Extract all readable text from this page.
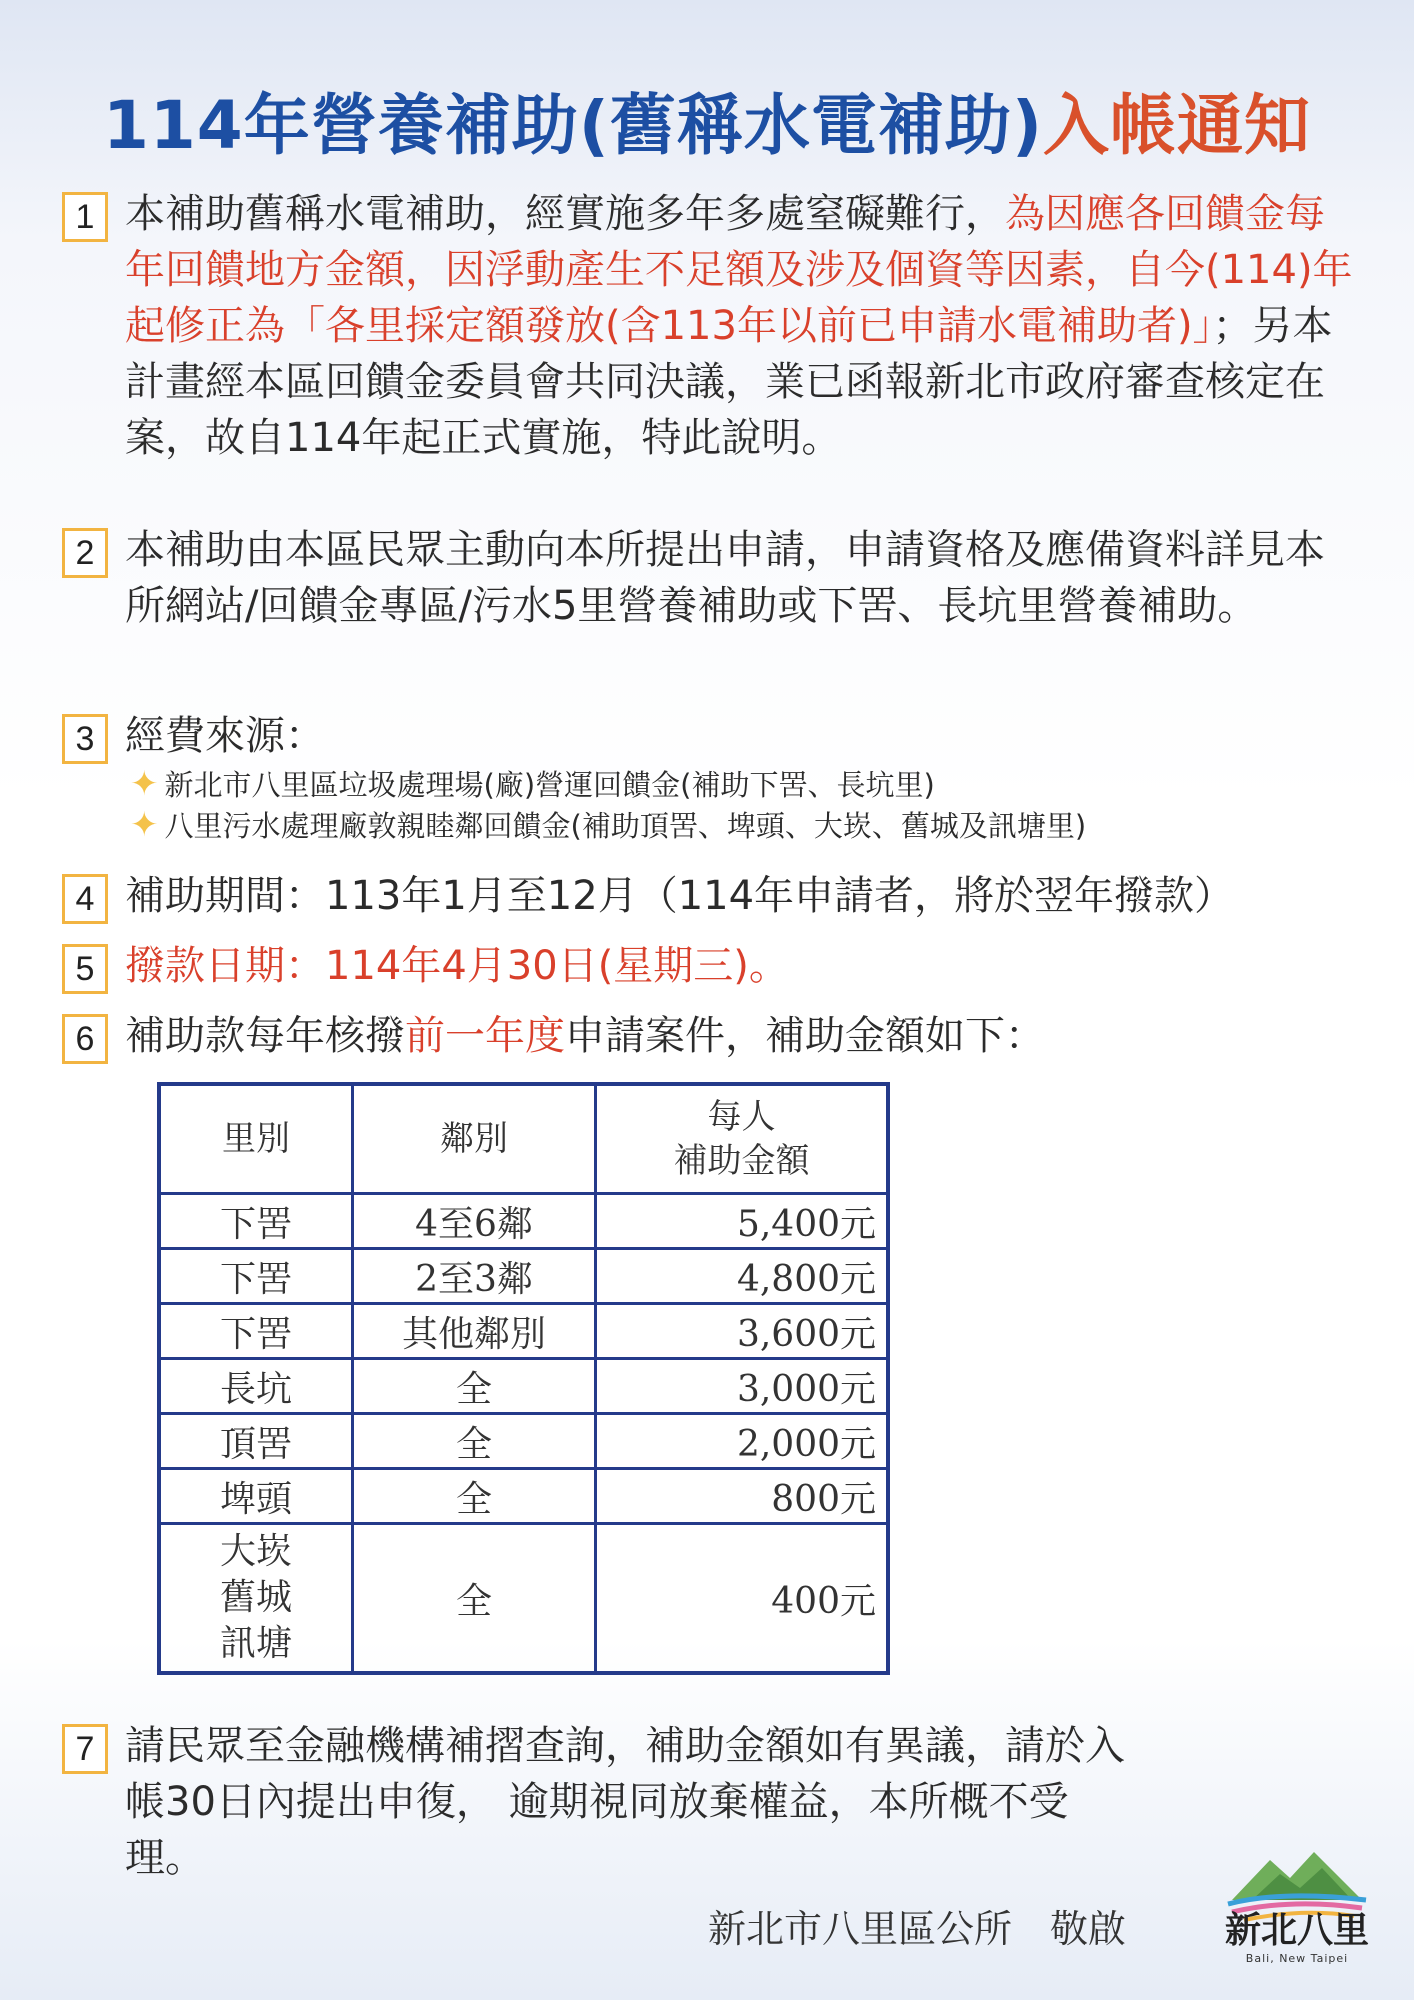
114年營養補助(舊稱水電補助)入帳通知
1 本補助舊稱水電補助，經實施多年多處窒礙難行，為因應各回饋金每年回饋地方金額，因浮動產生不足額及涉及個資等因素，自今(114)年起修正為「各里採定額發放(含113年以前已申請水電補助者)」；另本計畫經本區回饋金委員會共同決議，業已函報新北市政府審查核定在案，故自114年起正式實施，特此說明。
2 本補助由本區民眾主動向本所提出申請，申請資格及應備資料詳見本所網站/回饋金專區/污水5里營養補助或下罟、長坑里營養補助。
3 經費來源：
✦ 新北市八里區垃圾處理場(廠)營運回饋金(補助下罟、長坑里)
✦ 八里污水處理廠敦親睦鄰回饋金(補助頂罟、埤頭、大崁、舊城及訊塘里)
4 補助期間：113年1月至12月（114年申請者，將於翌年撥款）
5 撥款日期：114年4月30日(星期三)。
6 補助款每年核撥前一年度申請案件，補助金額如下：
里別	鄰別	每人
補助金額
下罟	4至6鄰	5,400元
下罟	2至3鄰	4,800元
下罟	其他鄰別	3,600元
長坑	全	3,000元
頂罟	全	2,000元
埤頭	全	800元
大崁
舊城
訊塘	全	400元
7 請民眾至金融機構補摺查詢，補助金額如有異議，請於入帳30日內提出申復， 逾期視同放棄權益，本所概不受理。
新北市八里區公所　敬啟	新北八里
Bali, New Taipei
